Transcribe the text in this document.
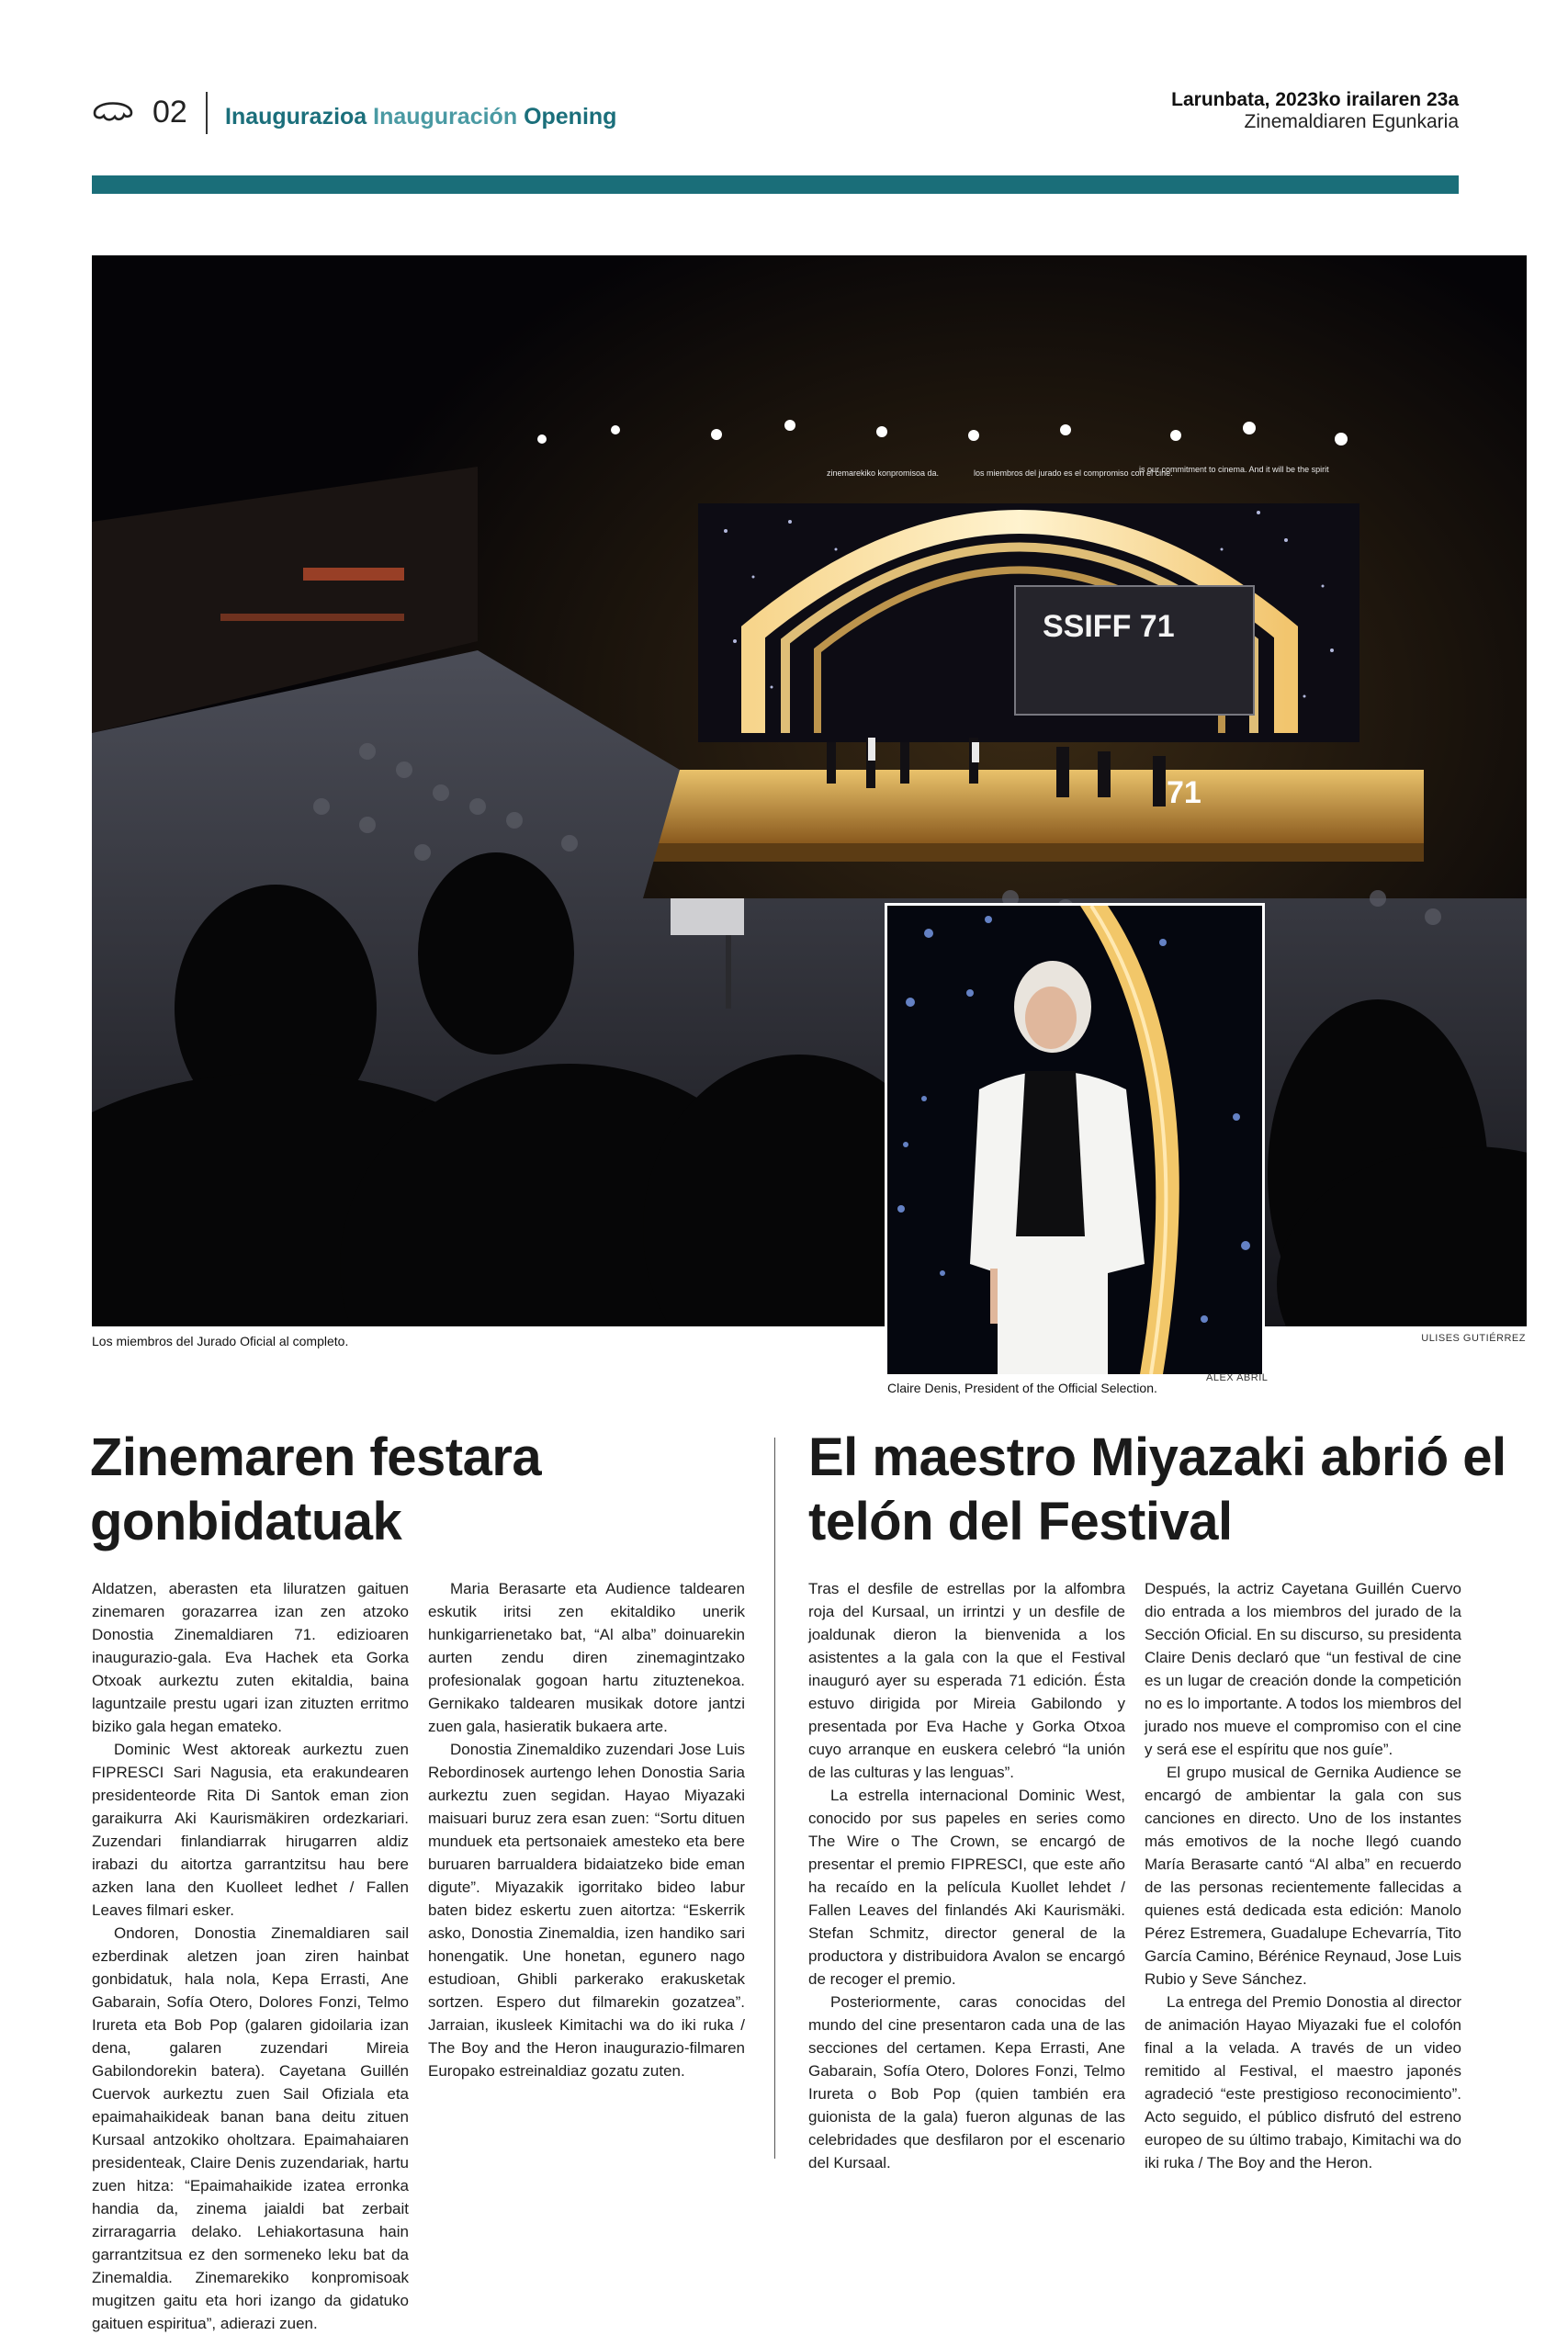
02 Inaugurazioa Inauguración Opening
Larunbata, 2023ko irailaren 23a
Zinemaldiaren Egunkaria
zinemarekiko konpromisoa da.	los miembros del jurado es el compromiso con el cine.
is our commitment to cinema. And it will be the spirit
SSIFF 71
71
Los miembros del Jurado Oficial al completo.	ULISES GUTIÉRREZ
Claire Denis, President of the Official Selection.
ALEX ABRIL
Zinemaren festara gonbidatuak
El maestro Miyazaki abrió el telón del Festival

Aldatzen, aberasten eta liluratzen gaituen zinemaren gorazarrea izan zen atzoko Donostia Zinemaldiaren 71. edizioaren inaugurazio-gala. Eva Hachek eta Gorka Otxoak aurkeztu zuten ekitaldia, baina laguntzaile prestu ugari izan zituzten erritmo biziko gala hegan emateko.

Dominic West aktoreak aurkeztu zuen FIPRESCI Sari Nagusia, eta erakundearen presidenteorde Rita Di Santok eman zion garaikurra Aki Kaurismäkiren ordezkariari. Zuzendari finlandiarrak hirugarren aldiz irabazi du aitortza garrantzitsu hau bere azken lana den Kuolleet ledhet / Fallen Leaves filmari esker.

Ondoren, Donostia Zinemaldiaren sail ezberdinak aletzen joan ziren hainbat gonbidatuk, hala nola, Kepa Errasti, Ane Gabarain, Sofía Otero, Dolores Fonzi, Telmo Irureta eta Bob Pop (galaren gidoilaria izan dena, galaren zuzendari Mireia Gabilondorekin batera). Cayetana Guillén Cuervok aurkeztu zuen Sail Ofiziala eta epaimahaikideak banan bana deitu zituen Kursaal antzokiko oholtzara. Epaimahaiaren presidenteak, Claire Denis zuzendariak, hartu zuen hitza: “Epaimahaikide izatea erronka handia da, zinema jaialdi bat zerbait zirraragarria delako. Lehiakortasuna hain garrantzitsua ez den sormeneko leku bat da Zinemaldia. Zinemarekiko konpromisoak mugitzen gaitu eta hori izango da gidatuko gaituen espiritua”, adierazi zuen.

Maria Berasarte eta Audience taldearen eskutik iritsi zen ekitaldiko unerik hunkigarrienetako bat, “Al alba” doinuarekin aurten zendu diren zinemagintzako profesionalak gogoan hartu zituztenekoa. Gernikako taldearen musikak dotore jantzi zuen gala, hasieratik bukaera arte.

Donostia Zinemaldiko zuzendari Jose Luis Rebordinosek aurtengo lehen Donostia Saria aurkeztu zuen segidan. Hayao Miyazaki maisuari buruz zera esan zuen: “Sortu dituen munduek eta pertsonaiek amesteko eta bere buruaren barrualdera bidaiatzeko bide eman digute”. Miyazakik igorritako bideo labur baten bidez eskertu zuen aitortza: “Eskerrik asko, Donostia Zinemaldia, izen handiko sari honengatik. Une honetan, egunero nago estudioan, Ghibli parkerako erakusketak sortzen. Espero dut filmarekin gozatzea”. Jarraian, ikusleek Kimitachi wa do iki ruka / The Boy and the Heron inaugurazio-filmaren Europako estreinaldiaz gozatu zuten.

Tras el desfile de estrellas por la alfombra roja del Kursaal, un irrintzi y un desfile de joaldunak dieron la bienvenida a los asistentes a la gala con la que el Festival inauguró ayer su esperada 71 edición. Ésta estuvo dirigida por Mireia Gabilondo y presentada por Eva Hache y Gorka Otxoa cuyo arranque en euskera celebró “la unión de las culturas y las lenguas”.

La estrella internacional Dominic West, conocido por sus papeles en series como The Wire o The Crown, se encargó de presentar el premio FIPRESCI, que este año ha recaído en la película Kuollet lehdet / Fallen Leaves del finlandés Aki Kaurismäki. Stefan Schmitz, director general de la productora y distribuidora Avalon se encargó de recoger el premio.

Posteriormente, caras conocidas del mundo del cine presentaron cada una de las secciones del certamen. Kepa Errasti, Ane Gabarain, Sofía Otero, Dolores Fonzi, Telmo Irureta o Bob Pop (quien también era guionista de la gala) fueron algunas de las celebridades que desfilaron por el escenario del Kursaal.

Después, la actriz Cayetana Guillén Cuervo dio entrada a los miembros del jurado de la Sección Oficial. En su discurso, su presidenta Claire Denis declaró que “un festival de cine es un lugar de creación donde la competición no es lo importante. A todos los miembros del jurado nos mueve el compromiso con el cine y será ese el espíritu que nos guíe”.

El grupo musical de Gernika Audience se encargó de ambientar la gala con sus canciones en directo. Uno de los instantes más emotivos de la noche llegó cuando María Berasarte cantó “Al alba” en recuerdo de las personas recientemente fallecidas a quienes está dedicada esta edición: Manolo Pérez Estremera, Guadalupe Echevarría, Tito García Camino, Bérénice Reynaud, Jose Luis Rubio y Seve Sánchez.

La entrega del Premio Donostia al director de animación Hayao Miyazaki fue el colofón final a la velada. A través de un video remitido al Festival, el maestro japonés agradeció “este prestigioso reconocimiento”. Acto seguido, el público disfrutó del estreno europeo de su último trabajo, Kimitachi wa do iki ruka / The Boy and the Heron.
